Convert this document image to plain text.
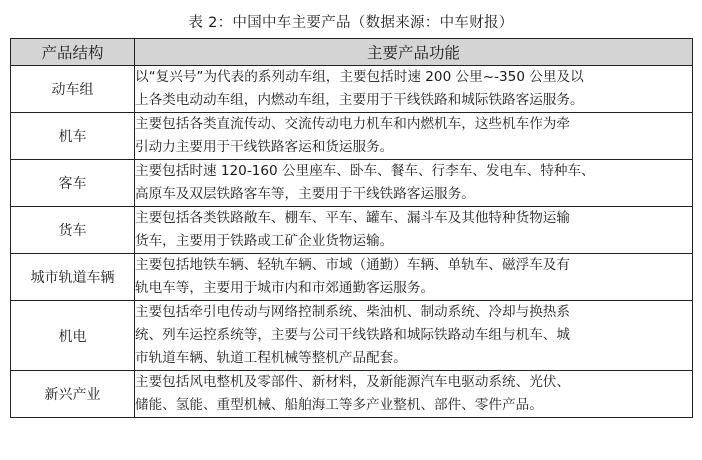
表 2：中国中车主要产品（数据来源：中车财报）
产品结构	主要产品功能
动车组	以“复兴号”为代表的系列动车组，主要包括时速 200 公里~-350 公里及以
上各类电动动车组，内燃动车组，主要用于干线铁路和城际铁路客运服务。

机车	主要包括各类直流传动、交流传动电力机车和内燃机车，这些机车作为牵
引动力主要用于干线铁路客运和货运服务。

客车	主要包括时速 120-160 公里座车、卧车、餐车、行李车、发电车、特种车、
高原车及双层铁路客车等，主要用于干线铁路客运服务。

货车	主要包括各类铁路敞车、棚车、平车、罐车、漏斗车及其他特种货物运输
货车，主要用于铁路或工矿企业货物运输。

城市轨道车辆	主要包括地铁车辆、轻轨车辆、市域（通勤）车辆、单轨车、磁浮车及有
轨电车等，主要用于城市内和市郊通勤客运服务。

机电	主要包括牵引电传动与网络控制系统、柴油机、制动系统、冷却与换热系
统、列车运控系统等，主要与公司干线铁路和城际铁路动车组与机车、城
市轨道车辆、轨道工程机械等整机产品配套。

新兴产业	主要包括风电整机及零部件、新材料，及新能源汽车电驱动系统、光伏、
储能、氢能、重型机械、船舶海工等多产业整机、部件、零件产品。
